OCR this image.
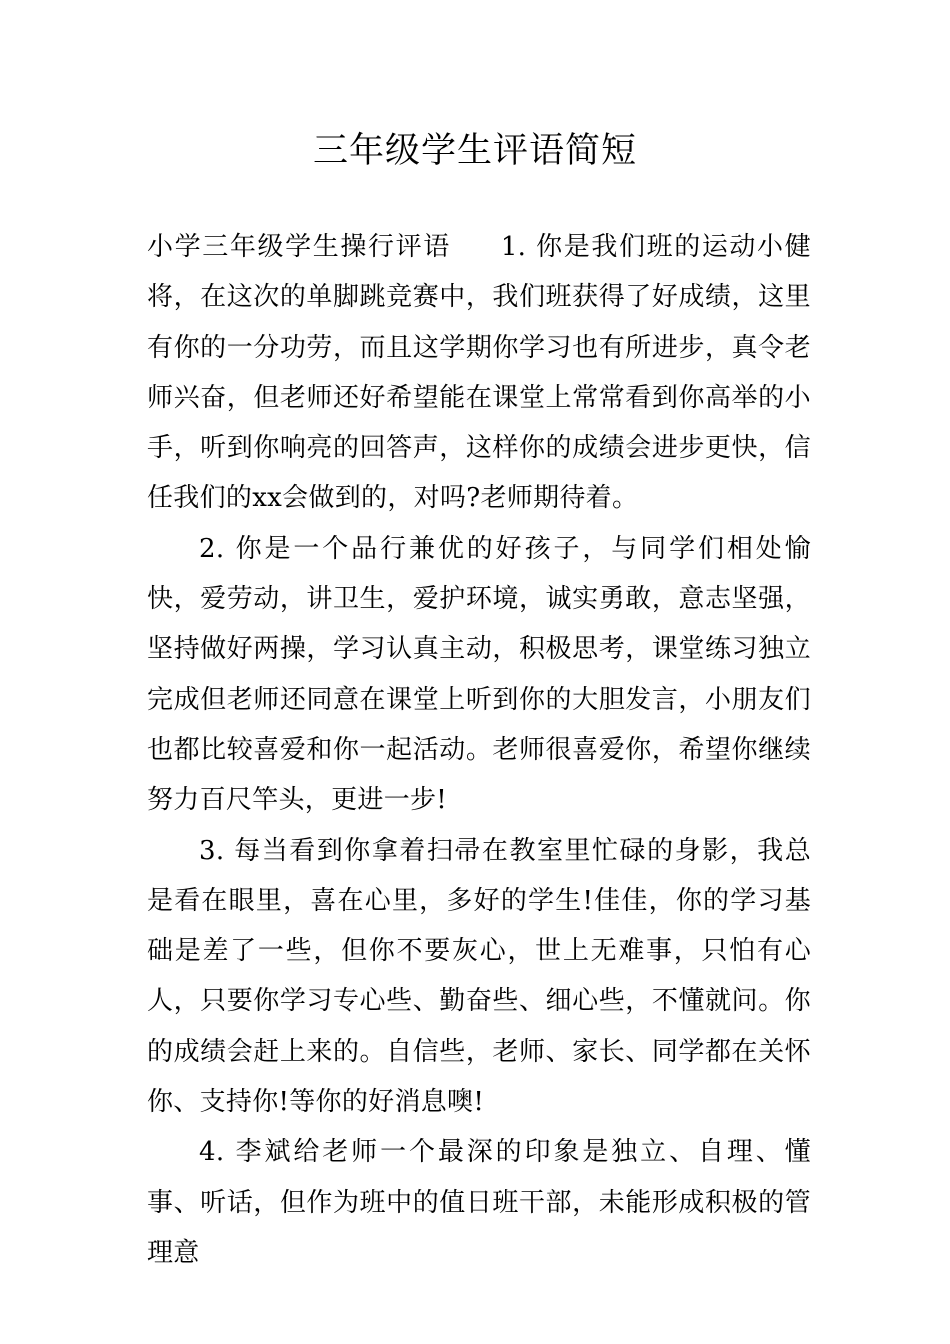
三年级学生评语简短

小学三年级学生操行评语 1. 你是我们班的运动小健将，在这次的单脚跳竞赛中，我们班获得了好成绩，这里有你的一分功劳，而且这学期你学习也有所进步，真令老师兴奋，但老师还好希望能在课堂上常常看到你高举的小手，听到你响亮的回答声，这样你的成绩会进步更快，信任我们的xx会做到的，对吗?老师期待着。

2. 你是一个品行兼优的好孩子，与同学们相处愉快，爱劳动，讲卫生，爱护环境，诚实勇敢，意志坚强，坚持做好两操，学习认真主动，积极思考，课堂练习独立完成但老师还同意在课堂上听到你的大胆发言，小朋友们也都比较喜爱和你一起活动。老师很喜爱你，希望你继续努力百尺竿头，更进一步!

3. 每当看到你拿着扫帚在教室里忙碌的身影，我总是看在眼里，喜在心里，多好的学生!佳佳，你的学习基础是差了一些，但你不要灰心，世上无难事，只怕有心人，只要你学习专心些、勤奋些、细心些，不懂就问。你的成绩会赶上来的。自信些，老师、家长、同学都在关怀你、支持你!等你的好消息噢!

4. 李斌给老师一个最深的印象是独立、自理、懂事、听话，但作为班中的值日班干部，未能形成积极的管理意
